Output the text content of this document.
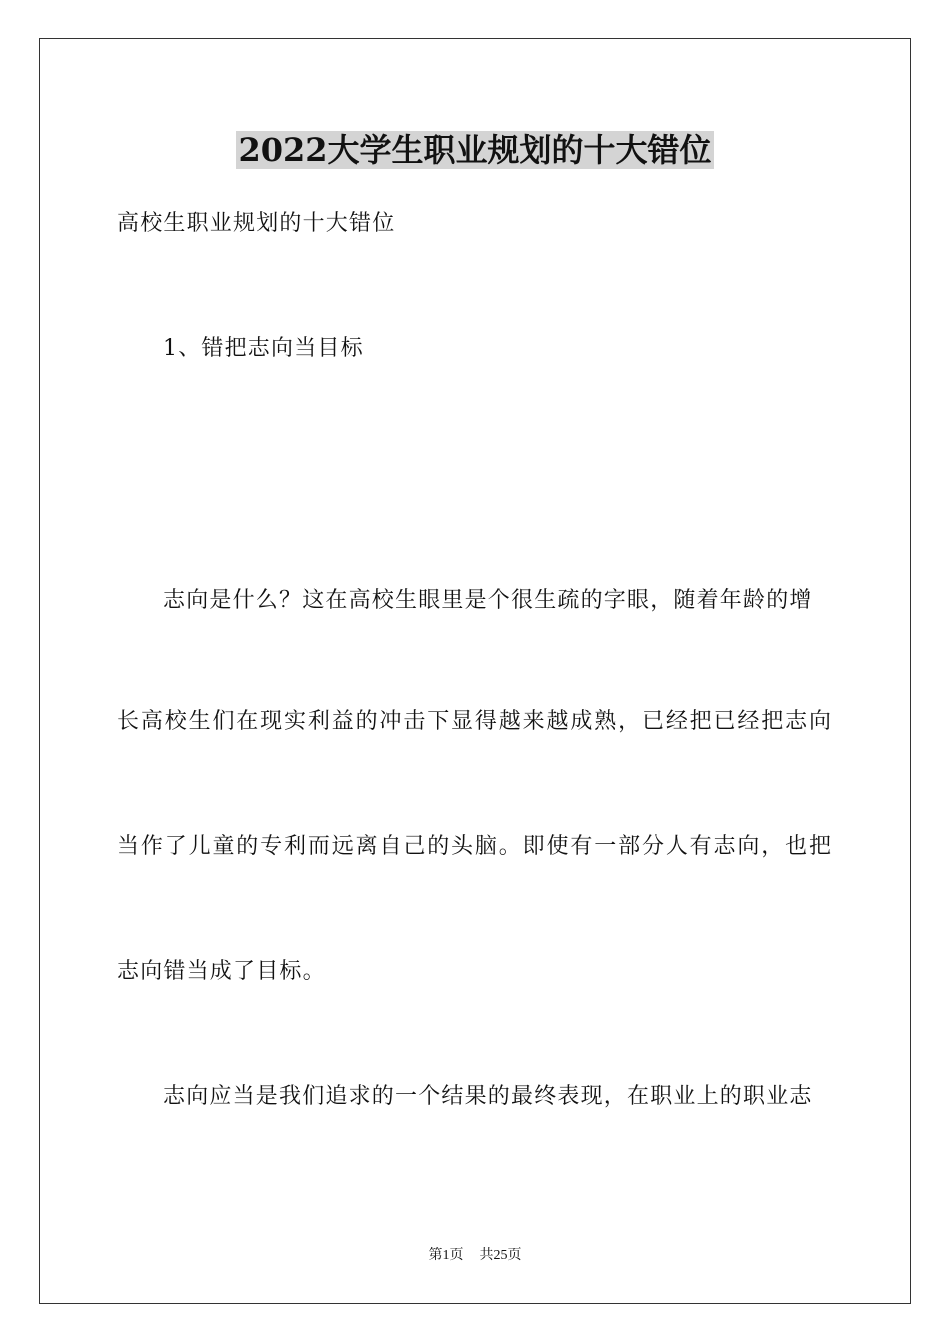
2022大学生职业规划的十大错位
高校生职业规划的十大错位
1、错把志向当目标
志向是什么？这在高校生眼里是个很生疏的字眼，随着年龄的增
长高校生们在现实利益的冲击下显得越来越成熟，已经把已经把志向
当作了儿童的专利而远离自己的头脑。即使有一部分人有志向，也把
志向错当成了目标。
志向应当是我们追求的一个结果的最终表现，在职业上的职业志
第1页 共25页
